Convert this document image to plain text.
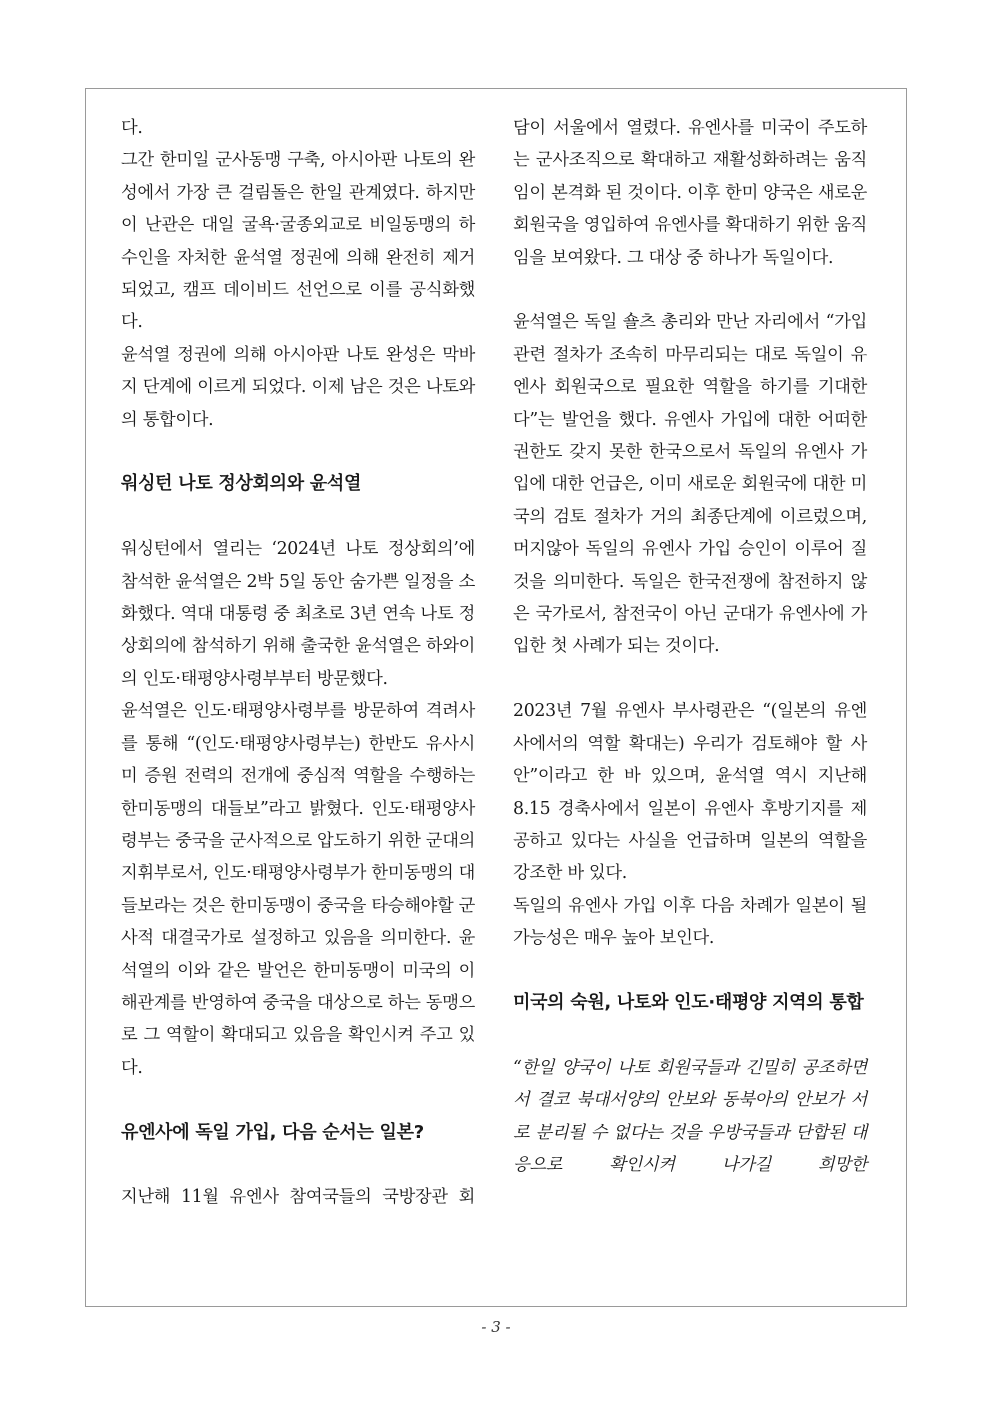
다.

그간 한미일 군사동맹 구축, 아시아판 나토의 완성에서 가장 큰 걸림돌은 한일 관계였다. 하지만 이 난관은 대일 굴욕·굴종외교로 비일동맹의 하수인을 자처한 윤석열 정권에 의해 완전히 제거 되었고, 캠프 데이비드 선언으로 이를 공식화했다.

윤석열 정권에 의해 아시아판 나토 완성은 막바지 단계에 이르게 되었다. 이제 남은 것은 나토와의 통합이다.

워싱턴 나토 정상회의와 윤석열

워싱턴에서 열리는 ‘2024년 나토 정상회의’에 참석한 윤석열은 2박 5일 동안 숨가쁜 일정을 소화했다. 역대 대통령 중 최초로 3년 연속 나토 정상회의에 참석하기 위해 출국한 윤석열은 하와이의 인도·태평양사령부부터 방문했다.

윤석열은 인도·태평양사령부를 방문하여 격려사를 통해 “(인도·태평양사령부는) 한반도 유사시 미 증원 전력의 전개에 중심적 역할을 수행하는 한미동맹의 대들보”라고 밝혔다. 인도·태평양사령부는 중국을 군사적으로 압도하기 위한 군대의 지휘부로서, 인도·태평양사령부가 한미동맹의 대들보라는 것은 한미동맹이 중국을 타승해야할 군사적 대결국가로 설정하고 있음을 의미한다. 윤석열의 이와 같은 발언은 한미동맹이 미국의 이해관계를 반영하여 중국을 대상으로 하는 동맹으로 그 역할이 확대되고 있음을 확인시켜 주고 있다.

유엔사에 독일 가입, 다음 순서는 일본?

지난해 11월 유엔사 참여국들의 국방장관 회

담이 서울에서 열렸다. 유엔사를 미국이 주도하는 군사조직으로 확대하고 재활성화하려는 움직임이 본격화 된 것이다. 이후 한미 양국은 새로운 회원국을 영입하여 유엔사를 확대하기 위한 움직임을 보여왔다. 그 대상 중 하나가 독일이다.

윤석열은 독일 숄츠 총리와 만난 자리에서 “가입 관련 절차가 조속히 마무리되는 대로 독일이 유엔사 회원국으로 필요한 역할을 하기를 기대한다”는 발언을 했다. 유엔사 가입에 대한 어떠한 권한도 갖지 못한 한국으로서 독일의 유엔사 가입에 대한 언급은, 이미 새로운 회원국에 대한 미국의 검토 절차가 거의 최종단계에 이르렀으며, 머지않아 독일의 유엔사 가입 승인이 이루어 질 것을 의미한다. 독일은 한국전쟁에 참전하지 않은 국가로서, 참전국이 아닌 군대가 유엔사에 가입한 첫 사례가 되는 것이다.

2023년 7월 유엔사 부사령관은 “(일본의 유엔사에서의 역할 확대는) 우리가 검토해야 할 사안”이라고 한 바 있으며, 윤석열 역시 지난해 8.15 경축사에서 일본이 유엔사 후방기지를 제공하고 있다는 사실을 언급하며 일본의 역할을 강조한 바 있다.

독일의 유엔사 가입 이후 다음 차례가 일본이 될 가능성은 매우 높아 보인다.

미국의 숙원, 나토와 인도·태평양 지역의 통합

“한일 양국이 나토 회원국들과 긴밀히 공조하면서 결코 북대서양의 안보와 동북아의 안보가 서로 분리될 수 없다는 것을 우방국들과 단합된 대응으로 확인시켜 나가길 희망한

- 3 -
